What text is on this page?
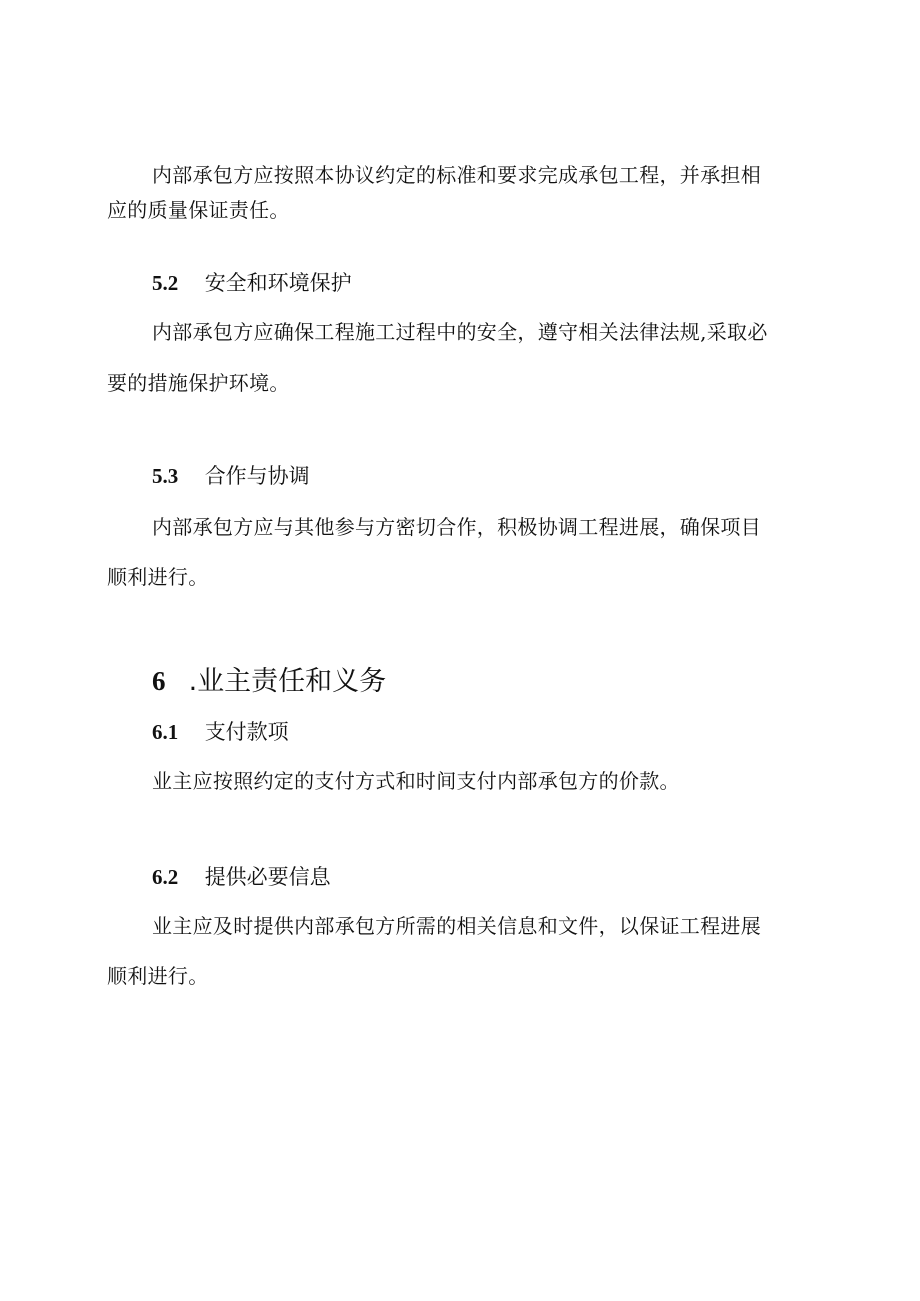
内部承包方应按照本协议约定的标准和要求完成承包工程，并承担相

应的质量保证责任。

5.2 安全和环境保护

内部承包方应确保工程施工过程中的安全，遵守相关法律法规,采取必

要的措施保护环境。

5.3 合作与协调

内部承包方应与其他参与方密切合作，积极协调工程进展，确保项目

顺利进行。

6 .业主责任和义务
6.1 支付款项

业主应按照约定的支付方式和时间支付内部承包方的价款。

6.2 提供必要信息

业主应及时提供内部承包方所需的相关信息和文件，以保证工程进展

顺利进行。
